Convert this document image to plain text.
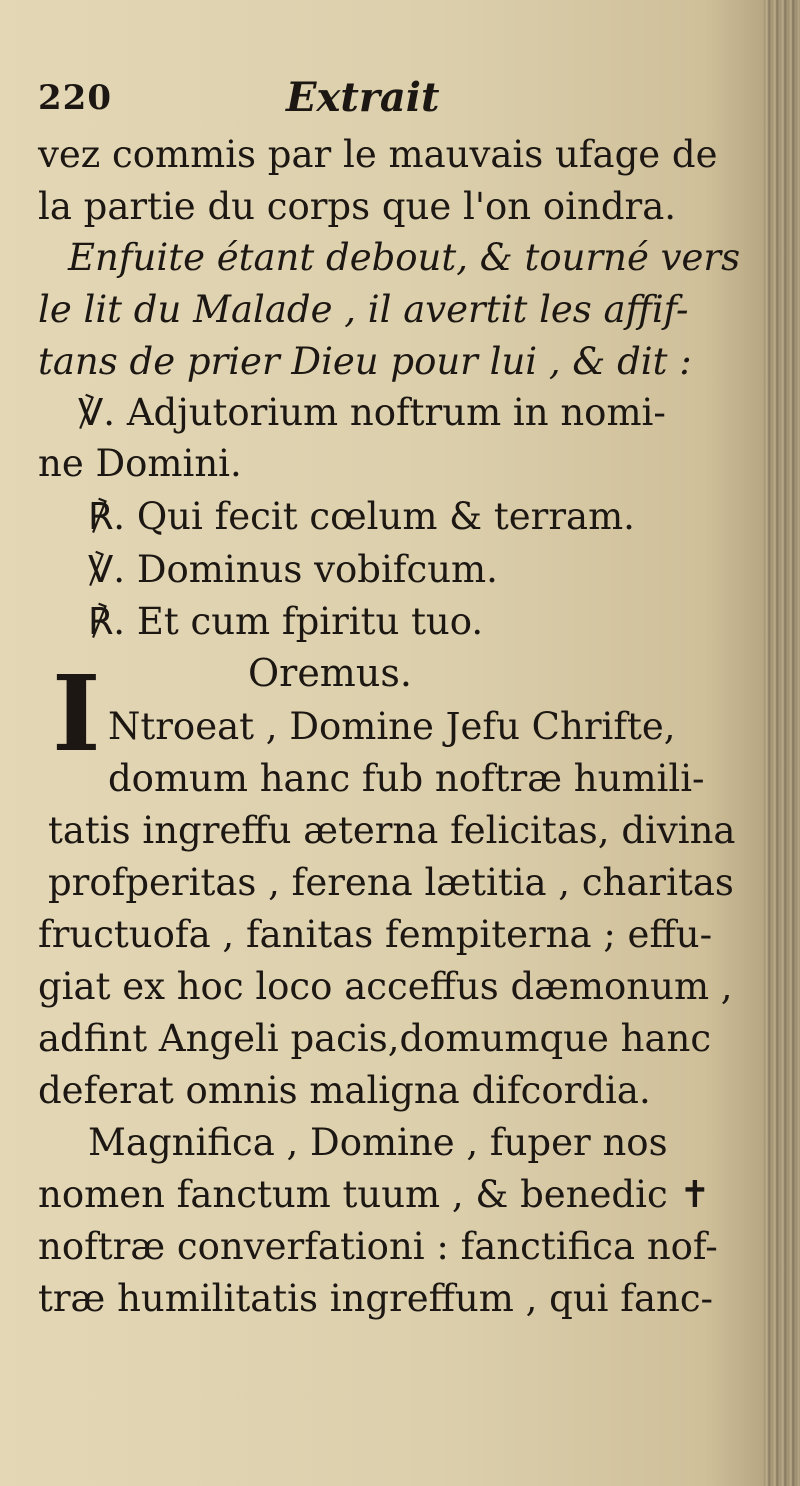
220	Extrait
vez commis par le mauvais ufage de
la partie du corps que l'on oindra.
Enfuite étant debout, & tourné vers
le lit du Malade , il avertit les affif-
tans de prier Dieu pour lui , & dit :
℣. Adjutorium noftrum in nomi-
ne Domini.
℟. Qui fecit cœlum & terram.
℣. Dominus vobifcum.
℟. Et cum fpiritu tuo.
Oremus.
I Ntroeat , Domine Jefu Chrifte,
domum hanc fub noftræ humili-
tatis ingreffu æterna felicitas, divina
profperitas , ferena lætitia , charitas
fructuofa , fanitas fempiterna ; effu-
giat ex hoc loco acceffus dæmonum ,
adfint Angeli pacis,domumque hanc
deferat omnis maligna difcordia.
Magnifica , Domine , fuper nos
nomen fanctum tuum , & benedic ✝
noftræ converfationi : fanctifica nof-
træ humilitatis ingreffum , qui fanc-
